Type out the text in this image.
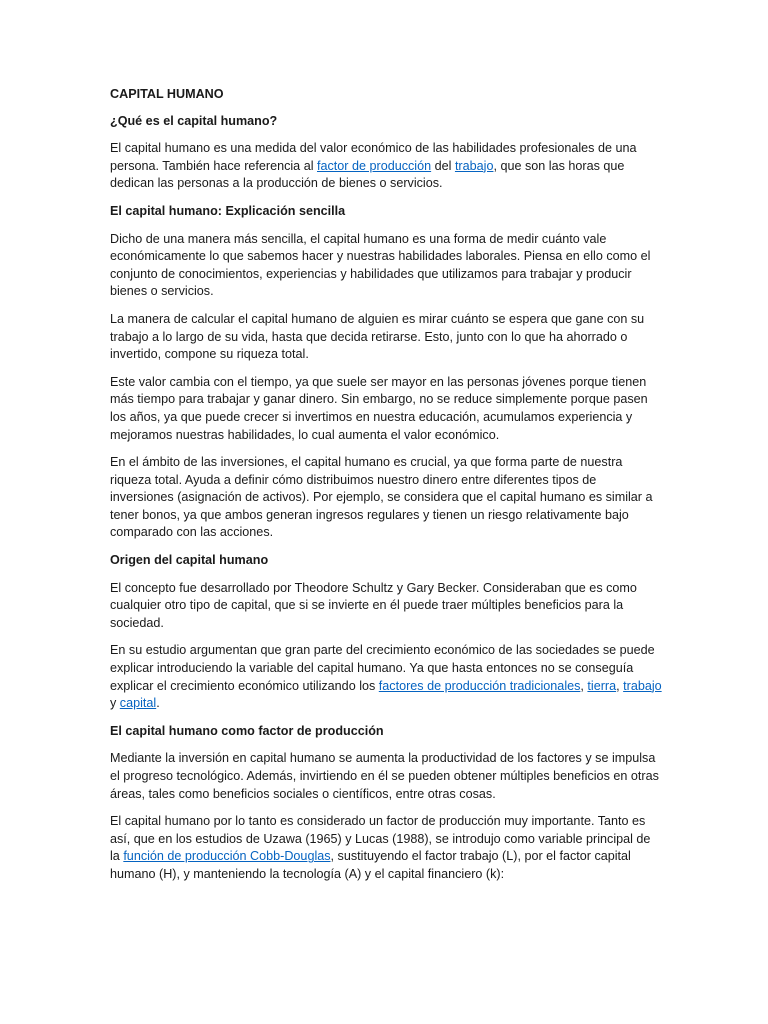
CAPITAL HUMANO
¿Qué es el capital humano?

El capital humano es una medida del valor económico de las habilidades profesionales de una persona. También hace referencia al factor de producción del trabajo, que son las horas que dedican las personas a la producción de bienes o servicios.

El capital humano: Explicación sencilla

Dicho de una manera más sencilla, el capital humano es una forma de medir cuánto vale económicamente lo que sabemos hacer y nuestras habilidades laborales. Piensa en ello como el conjunto de conocimientos, experiencias y habilidades que utilizamos para trabajar y producir bienes o servicios.

La manera de calcular el capital humano de alguien es mirar cuánto se espera que gane con su trabajo a lo largo de su vida, hasta que decida retirarse. Esto, junto con lo que ha ahorrado o invertido, compone su riqueza total.

Este valor cambia con el tiempo, ya que suele ser mayor en las personas jóvenes porque tienen más tiempo para trabajar y ganar dinero. Sin embargo, no se reduce simplemente porque pasen los años, ya que puede crecer si invertimos en nuestra educación, acumulamos experiencia y mejoramos nuestras habilidades, lo cual aumenta el valor económico.

En el ámbito de las inversiones, el capital humano es crucial, ya que forma parte de nuestra riqueza total. Ayuda a definir cómo distribuimos nuestro dinero entre diferentes tipos de inversiones (asignación de activos). Por ejemplo, se considera que el capital humano es similar a tener bonos, ya que ambos generan ingresos regulares y tienen un riesgo relativamente bajo comparado con las acciones.

Origen del capital humano

El concepto fue desarrollado por Theodore Schultz y Gary Becker. Consideraban que es como cualquier otro tipo de capital, que si se invierte en él puede traer múltiples beneficios para la sociedad.

En su estudio argumentan que gran parte del crecimiento económico de las sociedades se puede explicar introduciendo la variable del capital humano. Ya que hasta entonces no se conseguía explicar el crecimiento económico utilizando los factores de producción tradicionales, tierra, trabajo y capital.

El capital humano como factor de producción

Mediante la inversión en capital humano se aumenta la productividad de los factores y se impulsa el progreso tecnológico. Además, invirtiendo en él se pueden obtener múltiples beneficios en otras áreas, tales como beneficios sociales o científicos, entre otras cosas.

El capital humano por lo tanto es considerado un factor de producción muy importante. Tanto es así, que en los estudios de Uzawa (1965) y Lucas (1988), se introdujo como variable principal de la función de producción Cobb-Douglas, sustituyendo el factor trabajo (L), por el factor capital humano (H), y manteniendo la tecnología (A) y el capital financiero (k):
